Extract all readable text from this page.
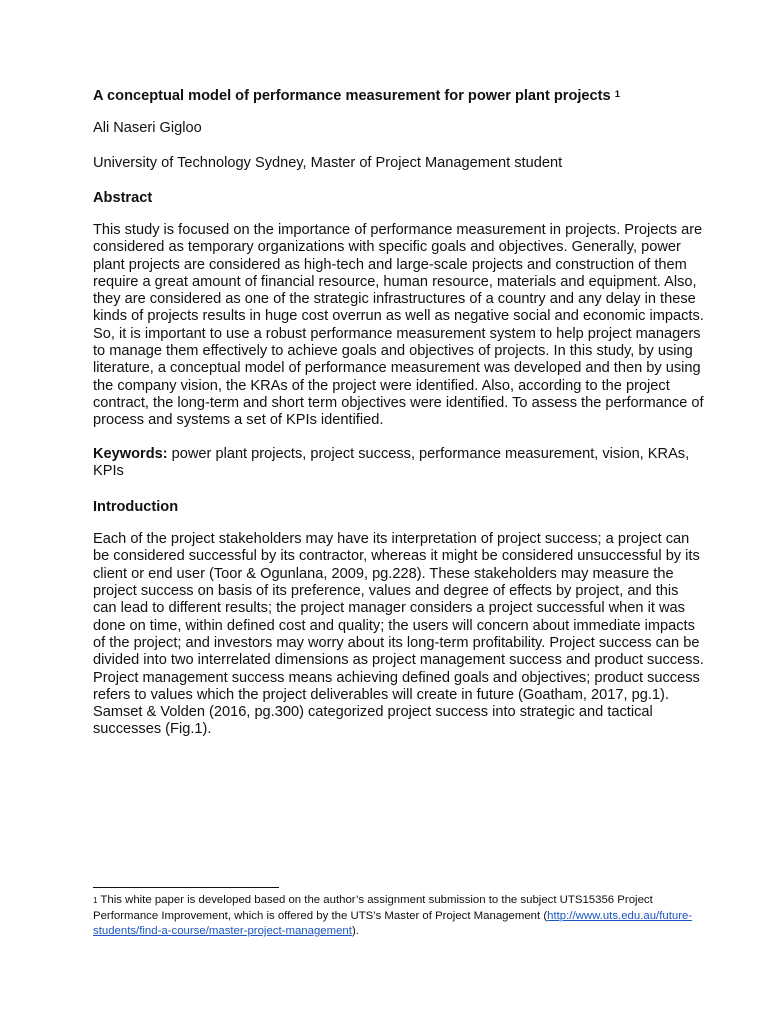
A conceptual model of performance measurement for power plant projects $^1$
Ali Naseri Gigloo
University of Technology Sydney, Master of Project Management student
Abstract
This study is focused on the importance of performance measurement in projects. Projects are considered as temporary organizations with specific goals and objectives. Generally, power plant projects are considered as high-tech and large-scale projects and construction of them require a great amount of financial resource, human resource, materials and equipment. Also, they are considered as one of the strategic infrastructures of a country and any delay in these kinds of projects results in huge cost overrun as well as negative social and economic impacts. So, it is important to use a robust performance measurement system to help project managers to manage them effectively to achieve goals and objectives of projects. In this study, by using literature, a conceptual model of performance measurement was developed and then by using the company vision, the KRAs of the project were identified. Also, according to the project contract, the long-term and short term objectives were identified. To assess the performance of process and systems a set of KPIs identified.
Keywords: power plant projects, project success, performance measurement, vision, KRAs, KPIs
Introduction
Each of the project stakeholders may have its interpretation of project success; a project can be considered successful by its contractor, whereas it might be considered unsuccessful by its client or end user (Toor & Ogunlana, 2009, pg.228). These stakeholders may measure the project success on basis of its preference, values and degree of effects by project, and this can lead to different results; the project manager considers a project successful when it was done on time, within defined cost and quality; the users will concern about immediate impacts of the project; and investors may worry about its long-term profitability. Project success can be divided into two interrelated dimensions as project management success and product success. Project management success means achieving defined goals and objectives; product success refers to values which the project deliverables will create in future (Goatham, 2017, pg.1). Samset & Volden (2016, pg.300) categorized project success into strategic and tactical successes (Fig.1).
$^1$ This white paper is developed based on the author’s assignment submission to the subject UTS15356 Project Performance Improvement, which is offered by the UTS’s Master of Project Management (http://www.uts.edu.au/future-students/find-a-course/master-project-management).
